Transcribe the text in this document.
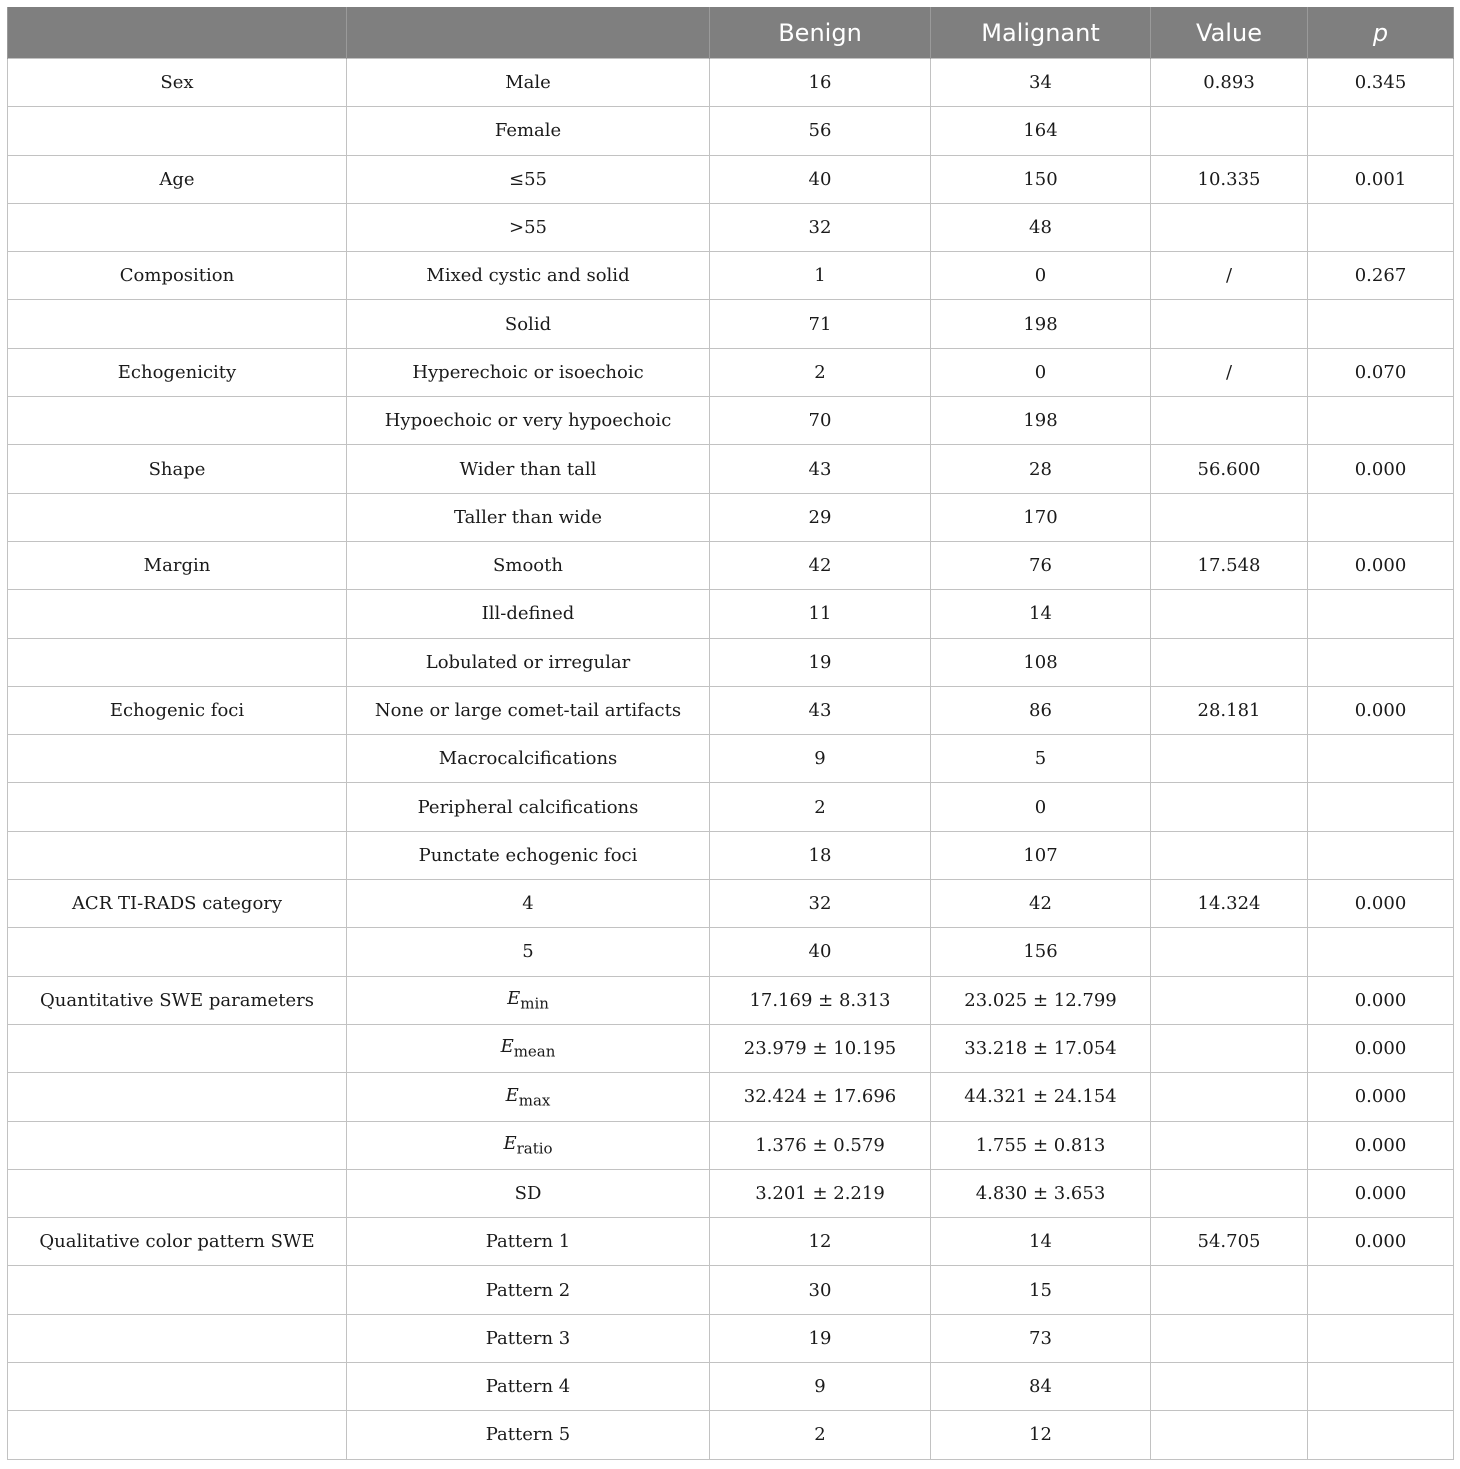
		Benign	Malignant	Value	p
Sex	Male	16	34	0.893	0.345
	Female	56	164		
Age	≤55	40	150	10.335	0.001
	>55	32	48		
Composition	Mixed cystic and solid	1	0	/	0.267
	Solid	71	198		
Echogenicity	Hyperechoic or isoechoic	2	0	/	0.070
	Hypoechoic or very hypoechoic	70	198		
Shape	Wider than tall	43	28	56.600	0.000
	Taller than wide	29	170		
Margin	Smooth	42	76	17.548	0.000
	Ill-defined	11	14		
	Lobulated or irregular	19	108		
Echogenic foci	None or large comet-tail artifacts	43	86	28.181	0.000
	Macrocalcifications	9	5		
	Peripheral calcifications	2	0		
	Punctate echogenic foci	18	107		
ACR TI-RADS category	4	32	42	14.324	0.000
	5	40	156		
Quantitative SWE parameters	$E_{min}$	17.169 ± 8.313	23.025 ± 12.799		0.000
	$E_{mean}$	23.979 ± 10.195	33.218 ± 17.054		0.000
	$E_{max}$	32.424 ± 17.696	44.321 ± 24.154		0.000
	$E_{ratio}$	1.376 ± 0.579	1.755 ± 0.813		0.000
	SD	3.201 ± 2.219	4.830 ± 3.653		0.000
Qualitative color pattern SWE	Pattern 1	12	14	54.705	0.000
	Pattern 2	30	15		
	Pattern 3	19	73		
	Pattern 4	9	84		
	Pattern 5	2	12		
